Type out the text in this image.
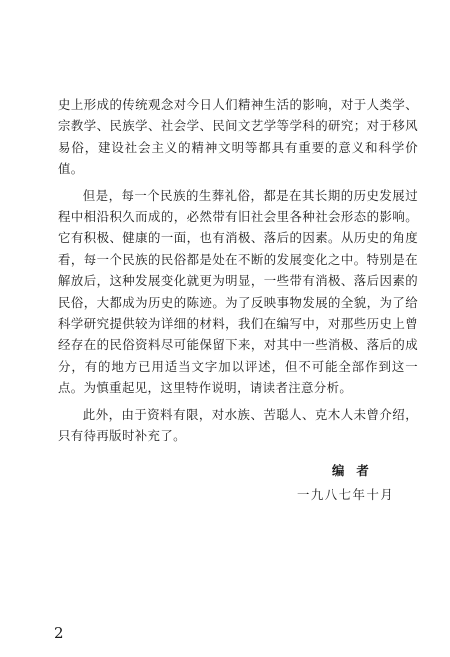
史上形成的传统观念对今日人们精神生活的影响，对于人类学、宗教学、民族学、社会学、民间文艺学等学科的研究；对于移风易俗，建设社会主义的精神文明等都具有重要的意义和科学价值。

但是，每一个民族的生葬礼俗，都是在其长期的历史发展过程中相沿积久而成的，必然带有旧社会里各种社会形态的影响。它有积极、健康的一面，也有消极、落后的因素。从历史的角度看，每一个民族的民俗都是处在不断的发展变化之中。特别是在解放后，这种发展变化就更为明显，一些带有消极、落后因素的民俗，大都成为历史的陈迹。为了反映事物发展的全貌，为了给科学研究提供较为详细的材料，我们在编写中，对那些历史上曾经存在的民俗资料尽可能保留下来，对其中一些消极、落后的成分，有的地方已用适当文字加以评述，但不可能全部作到这一点。为慎重起见，这里特作说明，请读者注意分析。

此外，由于资料有限，对水族、苦聪人、克木人未曾介绍，只有待再版时补充了。

编者
一九八七年十月
2
